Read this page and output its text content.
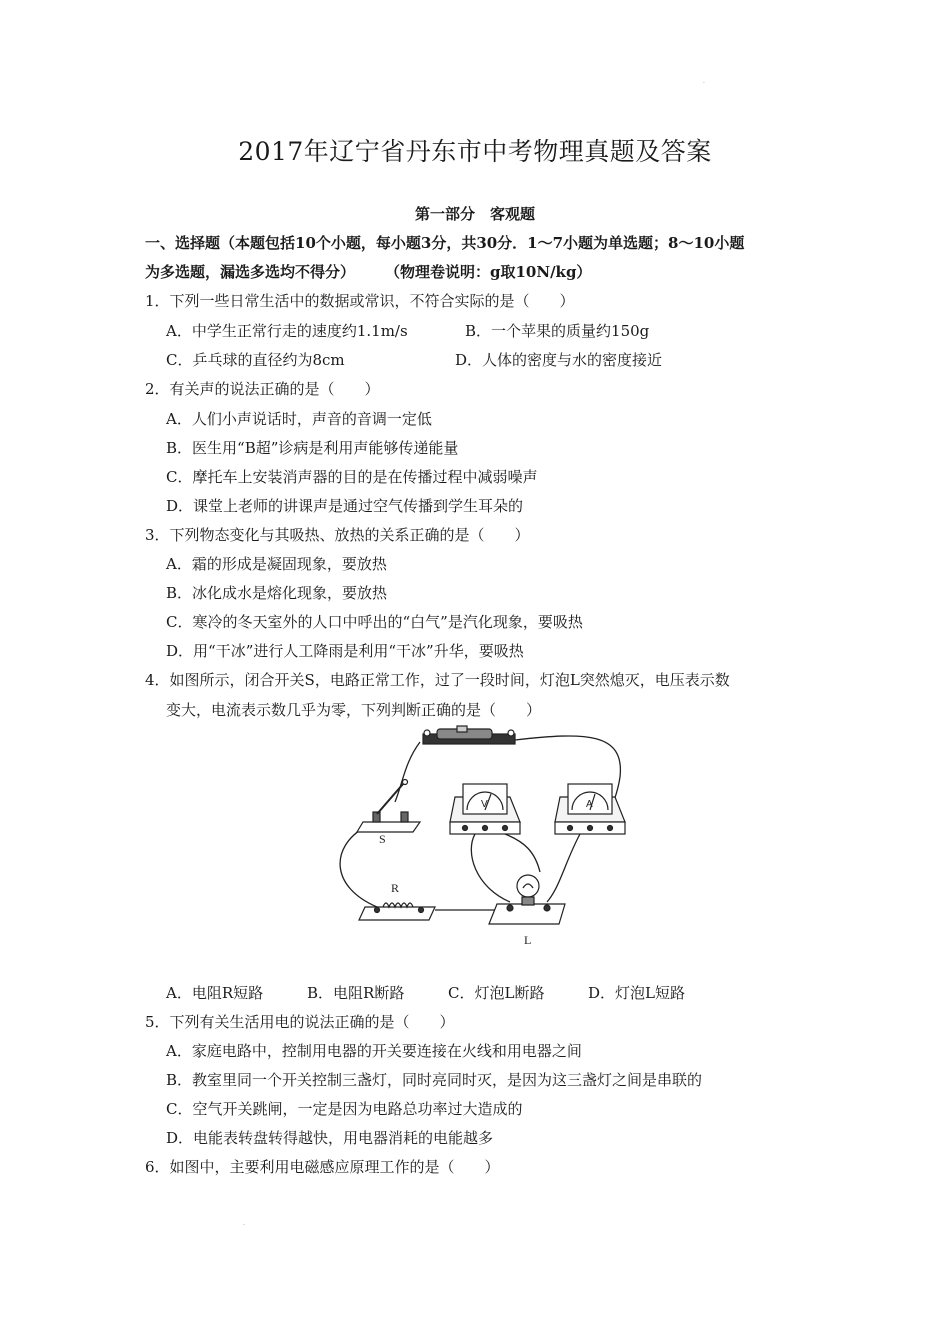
·
2017年辽宁省丹东市中考物理真题及答案
第一部分　客观题
一、选择题（本题包括10个小题，每小题3分，共30分．1～7小题为单选题；8～10小题
为多选题，漏选多选均不得分）　　　（物理卷说明：g取10N/kg）
1．下列一些日常生活中的数据或常识，不符合实际的是（　　）
A．中学生正常行走的速度约1.1m/s	B．一个苹果的质量约150g
C．乒乓球的直径约为8cm	D．人体的密度与水的密度接近
2．有关声的说法正确的是（　　）
A．人们小声说话时，声音的音调一定低
B．医生用“B超”诊病是利用声能够传递能量
C．摩托车上安装消声器的目的是在传播过程中减弱噪声
D．课堂上老师的讲课声是通过空气传播到学生耳朵的
3．下列物态变化与其吸热、放热的关系正确的是（　　）
A．霜的形成是凝固现象，要放热
B．冰化成水是熔化现象，要放热
C．寒冷的冬天室外的人口中呼出的“白气”是汽化现象，要吸热
D．用“干冰”进行人工降雨是利用“干冰”升华，要吸热
4．如图所示，闭合开关S，电路正常工作，过了一段时间，灯泡L突然熄灭，电压表示数
变大，电流表示数几乎为零，下列判断正确的是（　　）
S
V	A
R
L
A．电阻R短路	B．电阻R断路	C．灯泡L断路	D．灯泡L短路
5．下列有关生活用电的说法正确的是（　　）
A．家庭电路中，控制用电器的开关要连接在火线和用电器之间
B．教室里同一个开关控制三盏灯，同时亮同时灭，是因为这三盏灯之间是串联的
C．空气开关跳闸，一定是因为电路总功率过大造成的
D．电能表转盘转得越快，用电器消耗的电能越多
6．如图中，主要利用电磁感应原理工作的是（　　）
·
